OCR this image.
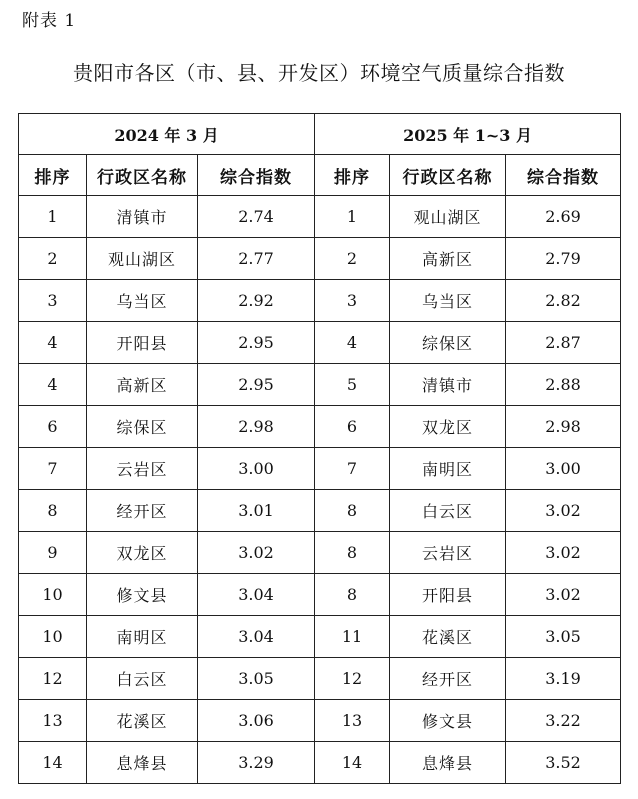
附表 1
贵阳市各区（市、县、开发区）环境空气质量综合指数
2024 年 3 月			2025 年 1~3 月		
排序	行政区名称	综合指数	排序	行政区名称	综合指数
1	清镇市	2.74	1	观山湖区	2.69
2	观山湖区	2.77	2	高新区	2.79
3	乌当区	2.92	3	乌当区	2.82
4	开阳县	2.95	4	综保区	2.87
4	高新区	2.95	5	清镇市	2.88
6	综保区	2.98	6	双龙区	2.98
7	云岩区	3.00	7	南明区	3.00
8	经开区	3.01	8	白云区	3.02
9	双龙区	3.02	8	云岩区	3.02
10	修文县	3.04	8	开阳县	3.02
10	南明区	3.04	11	花溪区	3.05
12	白云区	3.05	12	经开区	3.19
13	花溪区	3.06	13	修文县	3.22
14	息烽县	3.29	14	息烽县	3.52
